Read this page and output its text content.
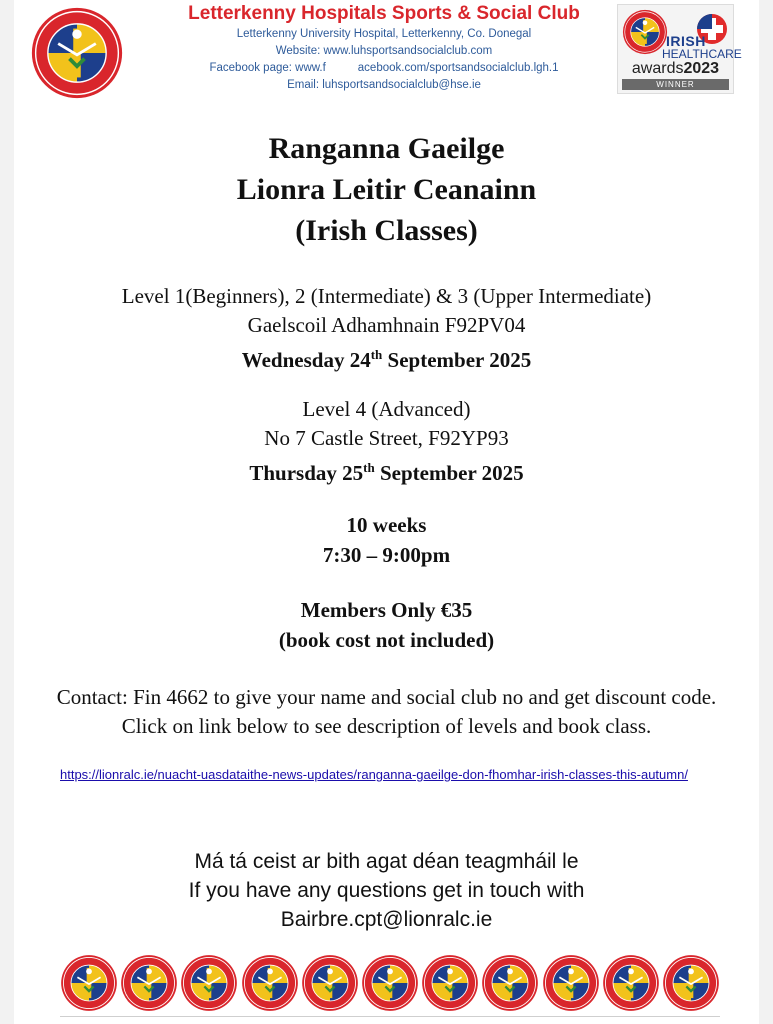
Letterkenny Hospitals Sports & Social Club
Letterkenny University Hospital, Letterkenny, Co. Donegal
Website: www.luhsportsandsocialclub.com
Facebook page: www.f          acebook.com/sportsandsocialclub.lgh.1
Email: luhsportsandsocialclub@hse.ie
IRISH
HEALTHCARE
awards2023
WINNER
Ranganna Gaeilge
Lionra Leitir Ceanainn
(Irish Classes)
Level 1(Beginners), 2 (Intermediate) & 3 (Upper Intermediate)
Gaelscoil Adhamhnain F92PV04
Wednesday 24th September 2025
Level 4 (Advanced)
No 7 Castle Street, F92YP93
Thursday 25th September 2025
10 weeks
7:30 – 9:00pm
Members Only €35
(book cost not included)
Contact: Fin 4662 to give your name and social club no and get discount code. Click on link below to see description of levels and book class.
https://lionralc.ie/nuacht-uasdataithe-news-updates/ranganna-gaeilge-don-fhomhar-irish-classes-this-autumn/
Má tá ceist ar bith agat déan teagmháil le
If you have any questions get in touch with
Bairbre.cpt@lionralc.ie
